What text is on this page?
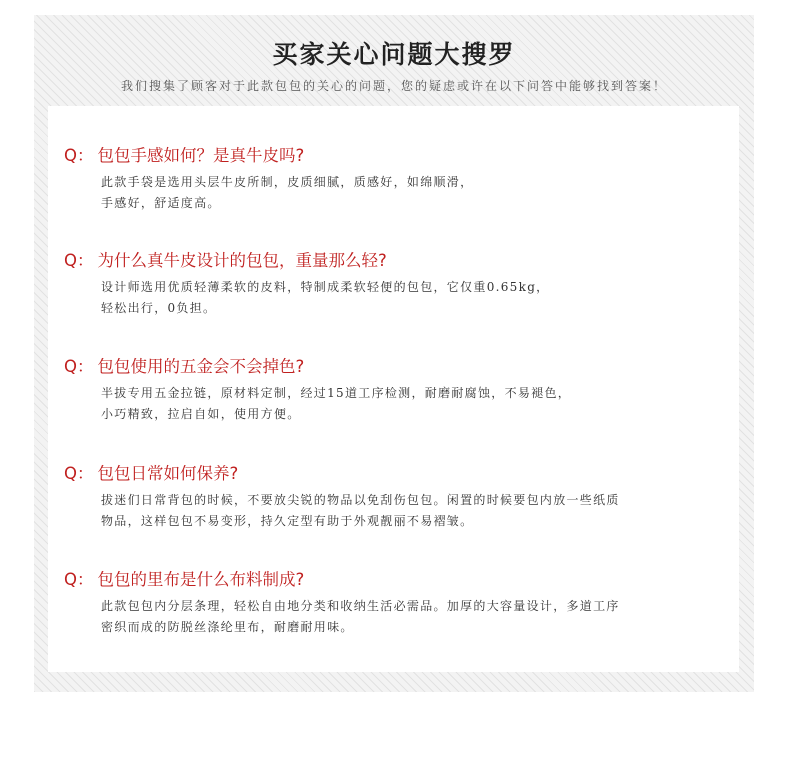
买家关心问题大搜罗
我们搜集了顾客对于此款包包的关心的问题，您的疑虑或许在以下问答中能够找到答案！
Q： 包包手感如何？是真牛皮吗?
此款手袋是选用头层牛皮所制，皮质细腻，质感好，如绵顺滑，
手感好，舒适度高。
Q： 为什么真牛皮设计的包包，重量那么轻?
设计师选用优质轻薄柔软的皮料，特制成柔软轻便的包包，它仅重0.65kg，
轻松出行，0负担。
Q： 包包使用的五金会不会掉色?
半拔专用五金拉链，原材料定制，经过15道工序检测，耐磨耐腐蚀，不易褪色，
小巧精致，拉启自如，使用方便。
Q： 包包日常如何保养?
拔迷们日常背包的时候，不要放尖锐的物品以免刮伤包包。闲置的时候要包内放一些纸质
物品，这样包包不易变形，持久定型有助于外观靓丽不易褶皱。
Q： 包包的里布是什么布料制成?
此款包包内分层条理，轻松自由地分类和收纳生活必需品。加厚的大容量设计，多道工序
密织而成的防脱丝涤纶里布，耐磨耐用味。
